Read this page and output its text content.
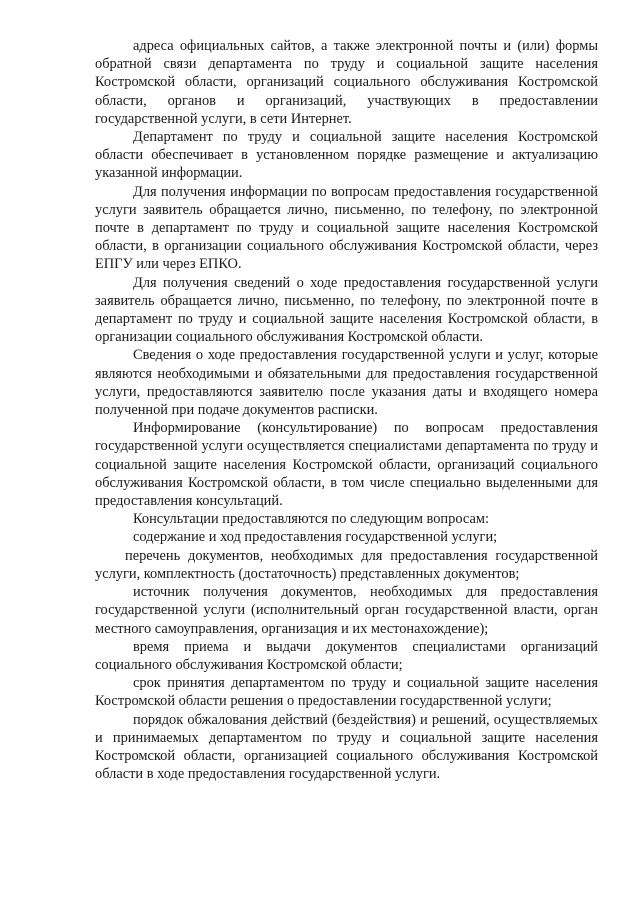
адреса официальных сайтов, а также электронной почты и (или) формы обратной связи департамента по труду и социальной защите населения Костромской области, организаций социального обслуживания Костромской области, органов и организаций, участвующих в предоставлении государственной услуги, в сети Интернет.

Департамент по труду и социальной защите населения Костромской области обеспечивает в установленном порядке размещение и актуализацию указанной информации.

Для получения информации по вопросам предоставления государственной услуги заявитель обращается лично, письменно, по телефону, по электронной почте в департамент по труду и социальной защите населения Костромской области, в организации социального обслуживания Костромской области, через ЕПГУ или через ЕПКО.

Для получения сведений о ходе предоставления государственной услуги заявитель обращается лично, письменно, по телефону, по электронной почте в департамент по труду и социальной защите населения Костромской области, в организации социального обслуживания Костромской области.

Сведения о ходе предоставления государственной услуги и услуг, которые являются необходимыми и обязательными для предоставления государственной услуги, предоставляются заявителю после указания даты и входящего номера полученной при подаче документов расписки.

Информирование (консультирование) по вопросам предоставления государственной услуги осуществляется специалистами департамента по труду и социальной защите населения Костромской области, организаций социального обслуживания Костромской области, в том числе специально выделенными для предоставления консультаций.

Консультации предоставляются по следующим вопросам:

содержание и ход предоставления государственной услуги;

перечень документов, необходимых для предоставления государственной услуги, комплектность (достаточность) представленных документов;

источник получения документов, необходимых для предоставления государственной услуги (исполнительный орган государственной власти, орган местного самоуправления, организация и их местонахождение);

время приема и выдачи документов специалистами организаций социального обслуживания Костромской области;

срок принятия департаментом по труду и социальной защите населения Костромской области решения о предоставлении государственной услуги;

порядок обжалования действий (бездействия) и решений, осуществляемых и принимаемых департаментом по труду и социальной защите населения Костромской области, организацией социального обслуживания Костромской области в ходе предоставления государственной услуги.
